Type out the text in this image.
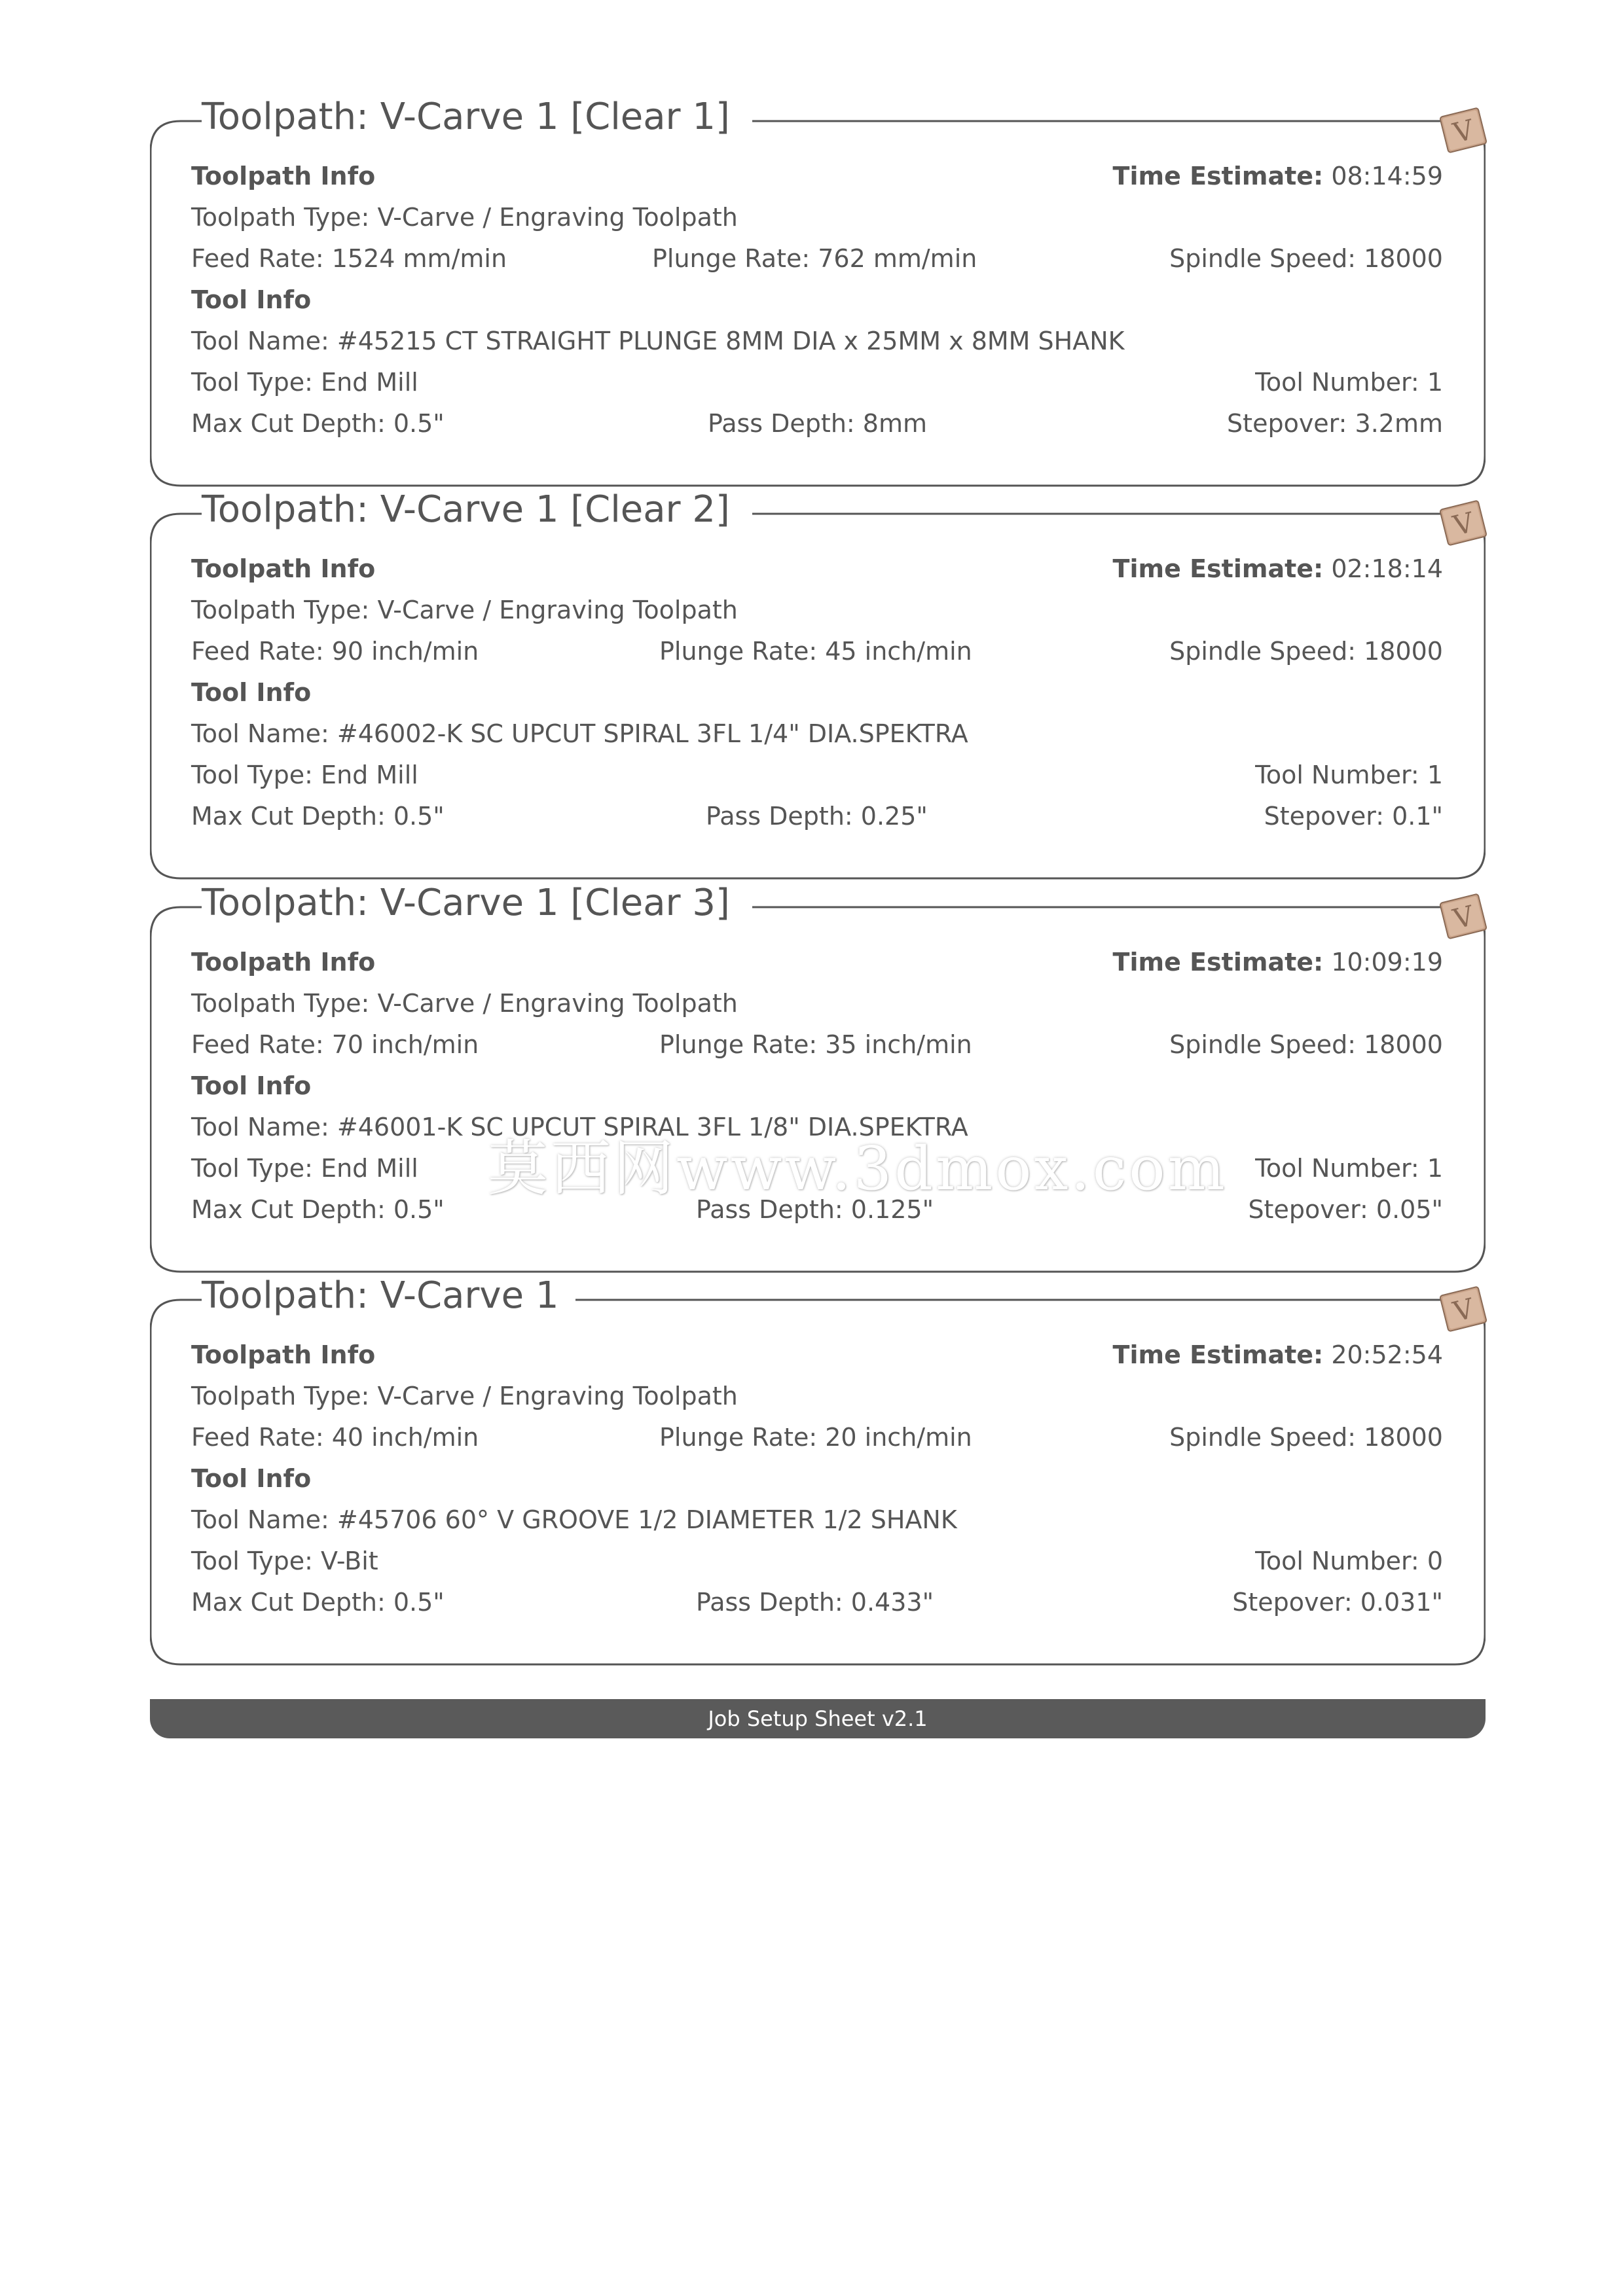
Toolpath: V-Carve 1 [Clear 1]	V
Toolpath Info	Time Estimate: 08:14:59
Toolpath Type: V-Carve / Engraving Toolpath
Feed Rate: 1524 mm/min	Plunge Rate: 762 mm/min	Spindle Speed: 18000
Tool Info
Tool Name: #45215 CT STRAIGHT PLUNGE 8MM DIA x 25MM x 8MM SHANK
Tool Type: End Mill	Tool Number: 1
Max Cut Depth: 0.5"	Pass Depth: 8mm	Stepover: 3.2mm
Toolpath: V-Carve 1 [Clear 2]	V
Toolpath Info	Time Estimate: 02:18:14
Toolpath Type: V-Carve / Engraving Toolpath
Feed Rate: 90 inch/min	Plunge Rate: 45 inch/min	Spindle Speed: 18000
Tool Info
Tool Name: #46002-K SC UPCUT SPIRAL 3FL 1/4" DIA.SPEKTRA
Tool Type: End Mill	Tool Number: 1
Max Cut Depth: 0.5"	Pass Depth: 0.25"	Stepover: 0.1"
Toolpath: V-Carve 1 [Clear 3]	V
Toolpath Info	Time Estimate: 10:09:19
Toolpath Type: V-Carve / Engraving Toolpath
Feed Rate: 70 inch/min	Plunge Rate: 35 inch/min	Spindle Speed: 18000
Tool Info
Tool Name: #46001-K SC UPCUT SPIRAL 3FL 1/8" DIA.SPEKTRA
Tool Type: End Mill	Tool Number: 1
Max Cut Depth: 0.5"	Pass Depth: 0.125"	Stepover: 0.05"
Toolpath: V-Carve 1	V
Toolpath Info	Time Estimate: 20:52:54
Toolpath Type: V-Carve / Engraving Toolpath
Feed Rate: 40 inch/min	Plunge Rate: 20 inch/min	Spindle Speed: 18000
Tool Info
Tool Name: #45706 60° V GROOVE 1/2 DIAMETER 1/2 SHANK
Tool Type: V-Bit	Tool Number: 0
Max Cut Depth: 0.5"	Pass Depth: 0.433"	Stepover: 0.031"
Job Setup Sheet v2.1
莫西网www.3dmox.com
